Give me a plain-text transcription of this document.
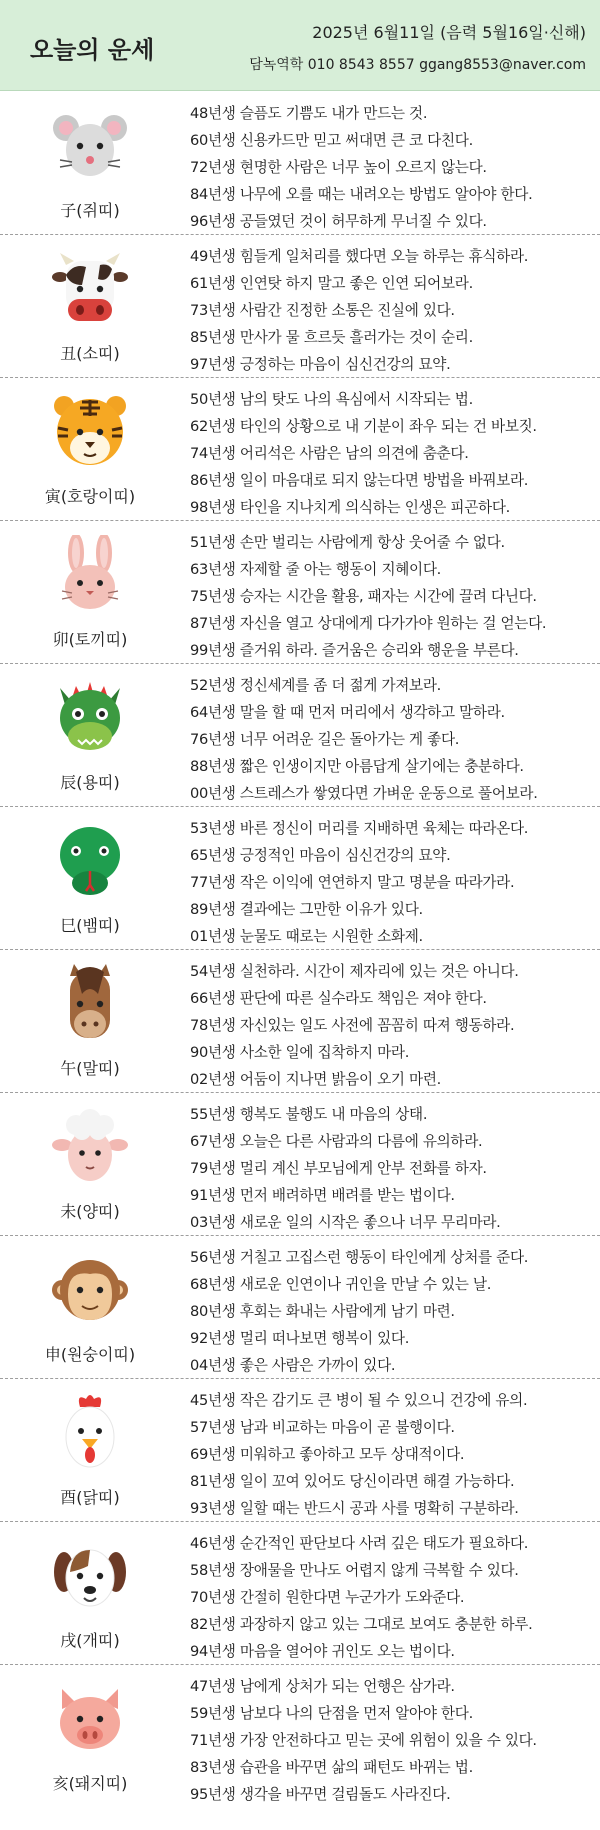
오늘의 운세
2025년 6월11일 (음력 5월16일·신해)
담녹역학 010 8543 8557 ggang8553@naver.com
子(쥐띠)
48년생 슬픔도 기쁨도 내가 만드는 것.
60년생 신용카드만 믿고 써대면 큰 코 다친다.
72년생 현명한 사람은 너무 높이 오르지 않는다.
84년생 나무에 오를 때는 내려오는 방법도 알아야 한다.
96년생 공들였던 것이 허무하게 무너질 수 있다.
丑(소띠)
49년생 힘들게 일처리를 했다면 오늘 하루는 휴식하라.
61년생 인연탓 하지 말고 좋은 인연 되어보라.
73년생 사람간 진정한 소통은 진실에 있다.
85년생 만사가 물 흐르듯 흘러가는 것이 순리.
97년생 긍정하는 마음이 심신건강의 묘약.
寅(호랑이띠)
50년생 남의 탓도 나의 욕심에서 시작되는 법.
62년생 타인의 상황으로 내 기분이 좌우 되는 건 바보짓.
74년생 어리석은 사람은 남의 의견에 춤춘다.
86년생 일이 마음대로 되지 않는다면 방법을 바꿔보라.
98년생 타인을 지나치게 의식하는 인생은 피곤하다.
卯(토끼띠)
51년생 손만 벌리는 사람에게 항상 웃어줄 수 없다.
63년생 자제할 줄 아는 행동이 지혜이다.
75년생 승자는 시간을 활용, 패자는 시간에 끌려 다닌다.
87년생 자신을 열고 상대에게 다가가야 원하는 걸 얻는다.
99년생 즐거워 하라. 즐거움은 승리와 행운을 부른다.
辰(용띠)
52년생 정신세계를 좀 더 젊게 가져보라.
64년생 말을 할 때 먼저 머리에서 생각하고 말하라.
76년생 너무 어려운 길은 돌아가는 게 좋다.
88년생 짧은 인생이지만 아름답게 살기에는 충분하다.
00년생 스트레스가 쌓였다면 가벼운 운동으로 풀어보라.
巳(뱀띠)
53년생 바른 정신이 머리를 지배하면 육체는 따라온다.
65년생 긍정적인 마음이 심신건강의 묘약.
77년생 작은 이익에 연연하지 말고 명분을 따라가라.
89년생 결과에는 그만한 이유가 있다.
01년생 눈물도 때로는 시원한 소화제.
午(말띠)
54년생 실천하라. 시간이 제자리에 있는 것은 아니다.
66년생 판단에 따른 실수라도 책임은 져야 한다.
78년생 자신있는 일도 사전에 꼼꼼히 따져 행동하라.
90년생 사소한 일에 집착하지 마라.
02년생 어둠이 지나면 밝음이 오기 마련.
未(양띠)
55년생 행복도 불행도 내 마음의 상태.
67년생 오늘은 다른 사람과의 다름에 유의하라.
79년생 멀리 계신 부모님에게 안부 전화를 하자.
91년생 먼저 배려하면 배려를 받는 법이다.
03년생 새로운 일의 시작은 좋으나 너무 무리마라.
申(원숭이띠)
56년생 거칠고 고집스런 행동이 타인에게 상처를 준다.
68년생 새로운 인연이나 귀인을 만날 수 있는 날.
80년생 후회는 화내는 사람에게 남기 마련.
92년생 멀리 떠나보면 행복이 있다.
04년생 좋은 사람은 가까이 있다.
酉(닭띠)
45년생 작은 감기도 큰 병이 될 수 있으니 건강에 유의.
57년생 남과 비교하는 마음이 곧 불행이다.
69년생 미워하고 좋아하고 모두 상대적이다.
81년생 일이 꼬여 있어도 당신이라면 해결 가능하다.
93년생 일할 때는 반드시 공과 사를 명확히 구분하라.
戌(개띠)
46년생 순간적인 판단보다 사려 깊은 태도가 필요하다.
58년생 장애물을 만나도 어렵지 않게 극복할 수 있다.
70년생 간절히 원한다면 누군가가 도와준다.
82년생 과장하지 않고 있는 그대로 보여도 충분한 하루.
94년생 마음을 열어야 귀인도 오는 법이다.
亥(돼지띠)
47년생 남에게 상처가 되는 언행은 삼가라.
59년생 남보다 나의 단점을 먼저 알아야 한다.
71년생 가장 안전하다고 믿는 곳에 위험이 있을 수 있다.
83년생 습관을 바꾸면 삶의 패턴도 바뀌는 법.
95년생 생각을 바꾸면 걸림돌도 사라진다.
